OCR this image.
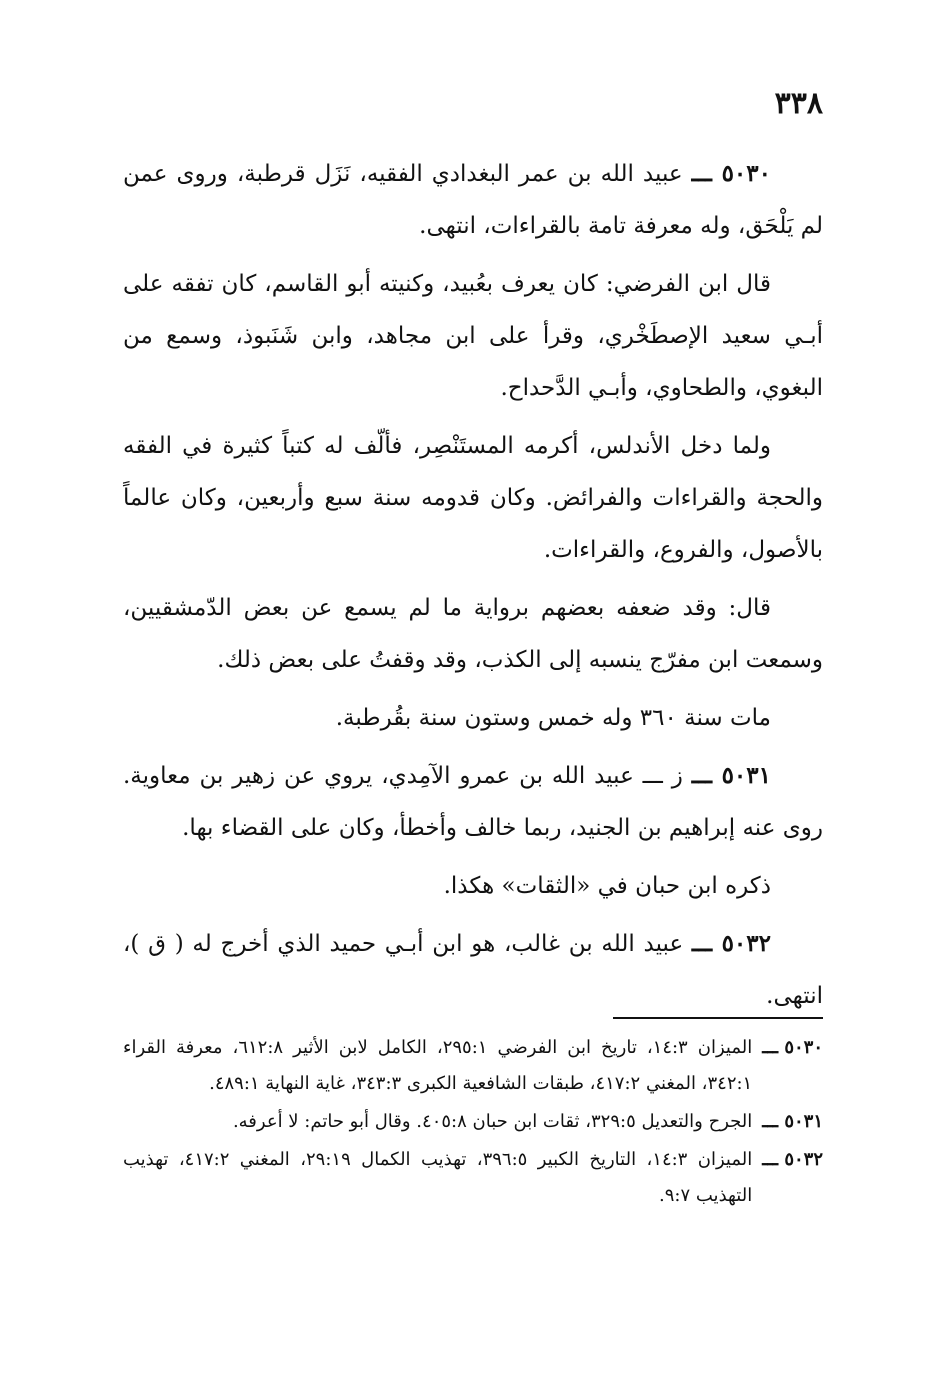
٣٣٨

٥٠٣٠ ـــ عبيد الله بن عمر البغدادي الفقيه، نَزَل قرطبة، وروى عمن لم يَلْحَق، وله معرفة تامة بالقراءات، انتهى.

قال ابن الفرضي: كان يعرف بعُبيد، وكنيته أبو القاسم، كان تفقه على أبـي سعيد الإصطَخْري، وقرأ على ابن مجاهد، وابن شَنَبوذ، وسمع من البغوي، والطحاوي، وأبـي الدَّحداح.

ولما دخل الأندلس، أكرمه المستَنْصِر، فألّف له كتباً كثيرة في الفقه والحجة والقراءات والفرائض. وكان قدومه سنة سبع وأربعين، وكان عالماً بالأصول، والفروع، والقراءات.

قال: وقد ضعفه بعضهم برواية ما لم يسمع عن بعض الدّمشقيين، وسمعت ابن مفرّج ينسبه إلى الكذب، وقد وقفتُ على بعض ذلك.

مات سنة ٣٦٠ وله خمس وستون سنة بقُرطبة.

٥٠٣١ ـــ ز ـــ عبيد الله بن عمرو الآمِدي، يروي عن زهير بن معاوية. روى عنه إبراهيم بن الجنيد، ربما خالف وأخطأ، وكان على القضاء بها.

ذكره ابن حبان في «الثقات» هكذا.

٥٠٣٢ ـــ عبيد الله بن غالب، هو ابن أبـي حميد الذي أخرج له ( ق )، انتهى.

٥٠٣٠ ـــ
الميزان ١٤:٣، تاريخ ابن الفرضي ٢٩٥:١، الكامل لابن الأثير ٦١٢:٨، معرفة القراء ٣٤٢:١، المغني ٤١٧:٢، طبقات الشافعية الكبرى ٣٤٣:٣، غاية النهاية ٤٨٩:١.
٥٠٣١ ـــ
الجرح والتعديل ٣٢٩:٥، ثقات ابن حبان ٤٠٥:٨. وقال أبو حاتم: لا أعرفه.
٥٠٣٢ ـــ
الميزان ١٤:٣، التاريخ الكبير ٣٩٦:٥، تهذيب الكمال ٢٩:١٩، المغني ٤١٧:٢، تهذيب التهذيب ٩:٧.
